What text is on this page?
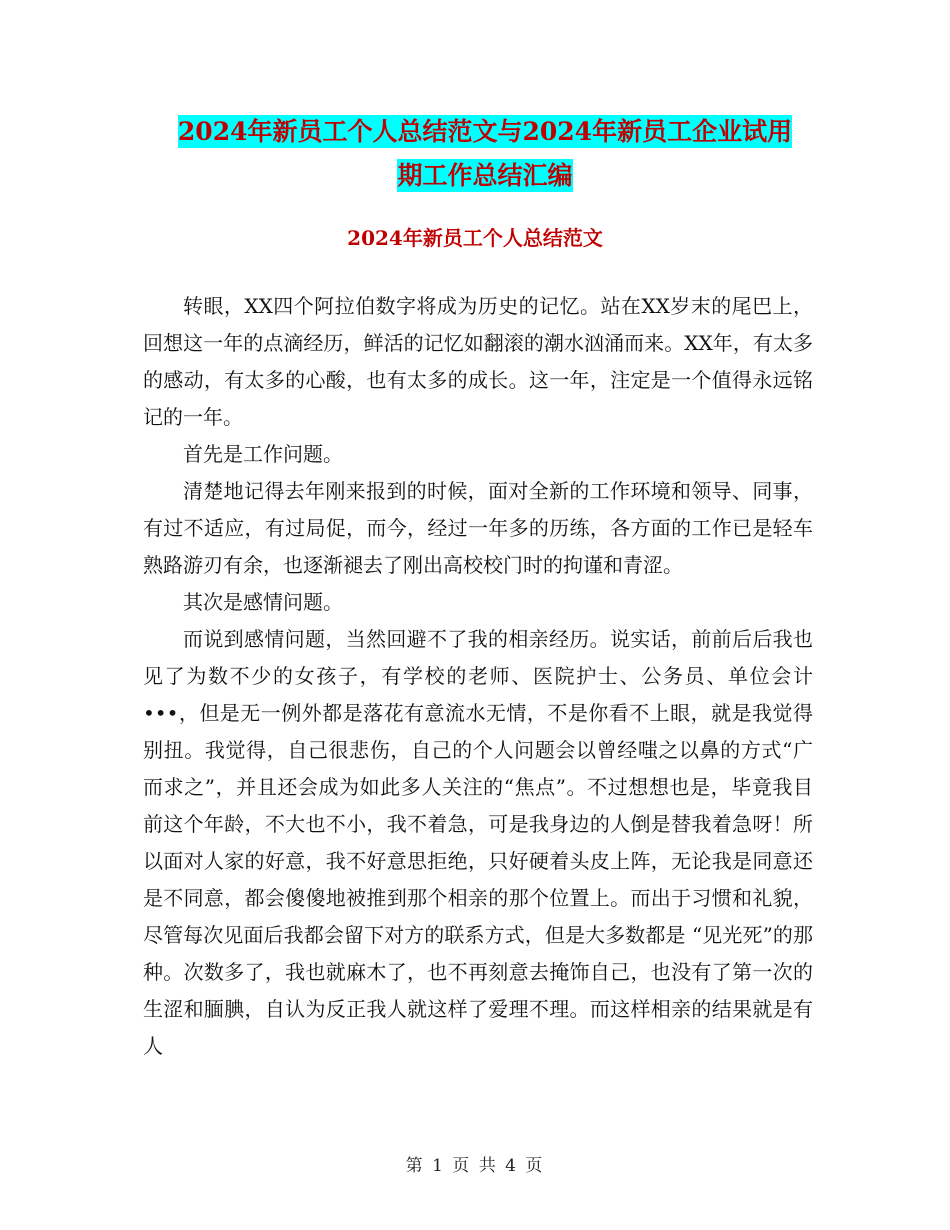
2024年新员工个人总结范文与2024年新员工企业试用
期工作总结汇编
2024年新员工个人总结范文

转眼，XX四个阿拉伯数字将成为历史的记忆。站在XX岁末的尾巴上，回想这一年的点滴经历，鲜活的记忆如翻滚的潮水汹涌而来。XX年，有太多的感动，有太多的心酸，也有太多的成长。这一年，注定是一个值得永远铭记的一年。

首先是工作问题。

清楚地记得去年刚来报到的时候，面对全新的工作环境和领导、同事，有过不适应，有过局促，而今，经过一年多的历练，各方面的工作已是轻车熟路游刃有余，也逐渐褪去了刚出高校校门时的拘谨和青涩。

其次是感情问题。

而说到感情问题，当然回避不了我的相亲经历。说实话，前前后后我也见了为数不少的女孩子，有学校的老师、医院护士、公务员、单位会计•••，但是无一例外都是落花有意流水无情，不是你看不上眼，就是我觉得别扭。我觉得，自己很悲伤，自己的个人问题会以曾经嗤之以鼻的方式“广而求之”，并且还会成为如此多人关注的“焦点”。不过想想也是，毕竟我目前这个年龄，不大也不小，我不着急，可是我身边的人倒是替我着急呀！所以面对人家的好意，我不好意思拒绝，只好硬着头皮上阵，无论我是同意还是不同意，都会傻傻地被推到那个相亲的那个位置上。而出于习惯和礼貌，尽管每次见面后我都会留下对方的联系方式，但是大多数都是 “见光死”的那种。次数多了，我也就麻木了，也不再刻意去掩饰自己，也没有了第一次的生涩和腼腆，自认为反正我人就这样了爱理不理。而这样相亲的结果就是有人

第 1 页 共 4 页
